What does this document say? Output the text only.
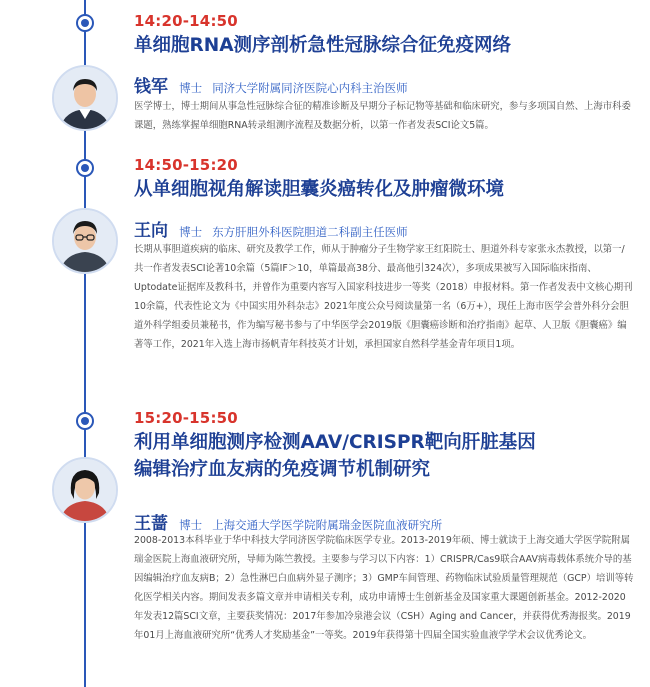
14:20-14:50
单细胞RNA测序剖析急性冠脉综合征免疫网络
钱军 博士 同济大学附属同济医院心内科主治医师

医学博士，博士期间从事急性冠脉综合征的精准诊断及早期分子标记物等基础和临床研究，参与多项国自然、上海市科委课题，熟练掌握单细胞RNA转录组测序流程及数据分析，以第一作者发表SCI论文5篇。

14:50-15:20
从单细胞视角解读胆囊炎癌转化及肿瘤微环境
王向 博士 东方肝胆外科医院胆道二科副主任医师

长期从事胆道疾病的临床、研究及教学工作，师从于肿瘤分子生物学家王红阳院士、胆道外科专家张永杰教授，以第一/共一作者发表SCI论著10余篇（5篇IF＞10，单篇最高38分、最高他引324次），多项成果被写入国际临床指南、Uptodate证据库及教科书，并曾作为重要内容写入国家科技进步一等奖（2018）申报材料。第一作者发表中文核心期刊10余篇，代表性论文为《中国实用外科杂志》2021年度公众号阅读量第一名（6万+），现任上海市医学会普外科分会胆道外科学组委员兼秘书，作为编写秘书参与了中华医学会2019版《胆囊癌诊断和治疗指南》起草、人卫版《胆囊癌》编著等工作，2021年入选上海市扬帆青年科技英才计划，承担国家自然科学基金青年项目1项。

15:20-15:50
利用单细胞测序检测AAV/CRISPR靶向肝脏基因
编辑治疗血友病的免疫调节机制研究
王蔷 博士 上海交通大学医学院附属瑞金医院血液研究所

2008-2013本科毕业于华中科技大学同济医学院临床医学专业。2013-2019年硕、博士就读于上海交通大学医学院附属瑞金医院上海血液研究所，导师为陈竺教授。主要参与学习以下内容：1）CRISPR/Cas9联合AAV病毒载体系统介导的基因编辑治疗血友病B；2）急性淋巴白血病外显子测序；3）GMP车间管理、药物临床试验质量管理规范（GCP）培训等转化医学相关内容。期间发表多篇文章并申请相关专利，成功申请博士生创新基金及国家重大课题创新基金。2012-2020年发表12篇SCI文章，主要获奖情况：2017年参加冷泉港会议（CSH）Aging and Cancer，并获得优秀海报奖。2019年01月上海血液研究所“优秀人才奖励基金”一等奖。2019年获得第十四届全国实验血液学学术会议优秀论文。
